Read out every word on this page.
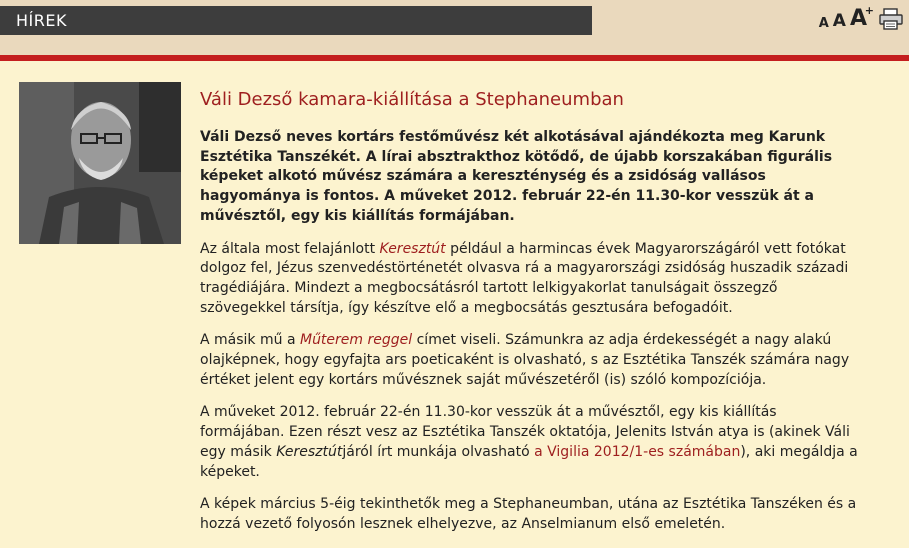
HÍREK	A A A
+
Váli Dezső kamara-kiállítása a Stephaneumban

Váli Dezső neves kortárs festőművész két alkotásával ajándékozta meg Karunk Esztétika Tanszékét. A lírai absztrakthoz kötődő, de újabb korszakában figurális képeket alkotó művész számára a kereszténység és a zsidóság vallásos hagyománya is fontos. A műveket 2012. február 22-én 11.30-kor vesszük át a művésztől, egy kis kiállítás formájában.

Az általa most felajánlott Keresztút például a harmincas évek Magyarországáról vett fotókat dolgoz fel, Jézus szenvedéstörténetét olvasva rá a magyarországi zsidóság huszadik századi tragédiájára. Mindezt a megbocsátásról tartott lelkigyakorlat tanulságait összegző szövegekkel társítja, így készítve elő a megbocsátás gesztusára befogadóit.

A másik mű a Műterem reggel címet viseli. Számunkra az adja érdekességét a nagy alakú olajképnek, hogy egyfajta ars poeticaként is olvasható, s az Esztétika Tanszék számára nagy értéket jelent egy kortárs művésznek saját művészetéről (is) szóló kompozíciója.

A műveket 2012. február 22-én 11.30-kor vesszük át a művésztől, egy kis kiállítás formájában. Ezen részt vesz az Esztétika Tanszék oktatója, Jelenits István atya is (akinek Váli egy másik Keresztútjáról írt munkája olvasható a Vigilia 2012/1-es számában), aki megáldja a képeket.

A képek március 5-éig tekinthetők meg a Stephaneumban, utána az Esztétika Tanszéken és a hozzá vezető folyosón lesznek elhelyezve, az Anselmianum első emeletén.
